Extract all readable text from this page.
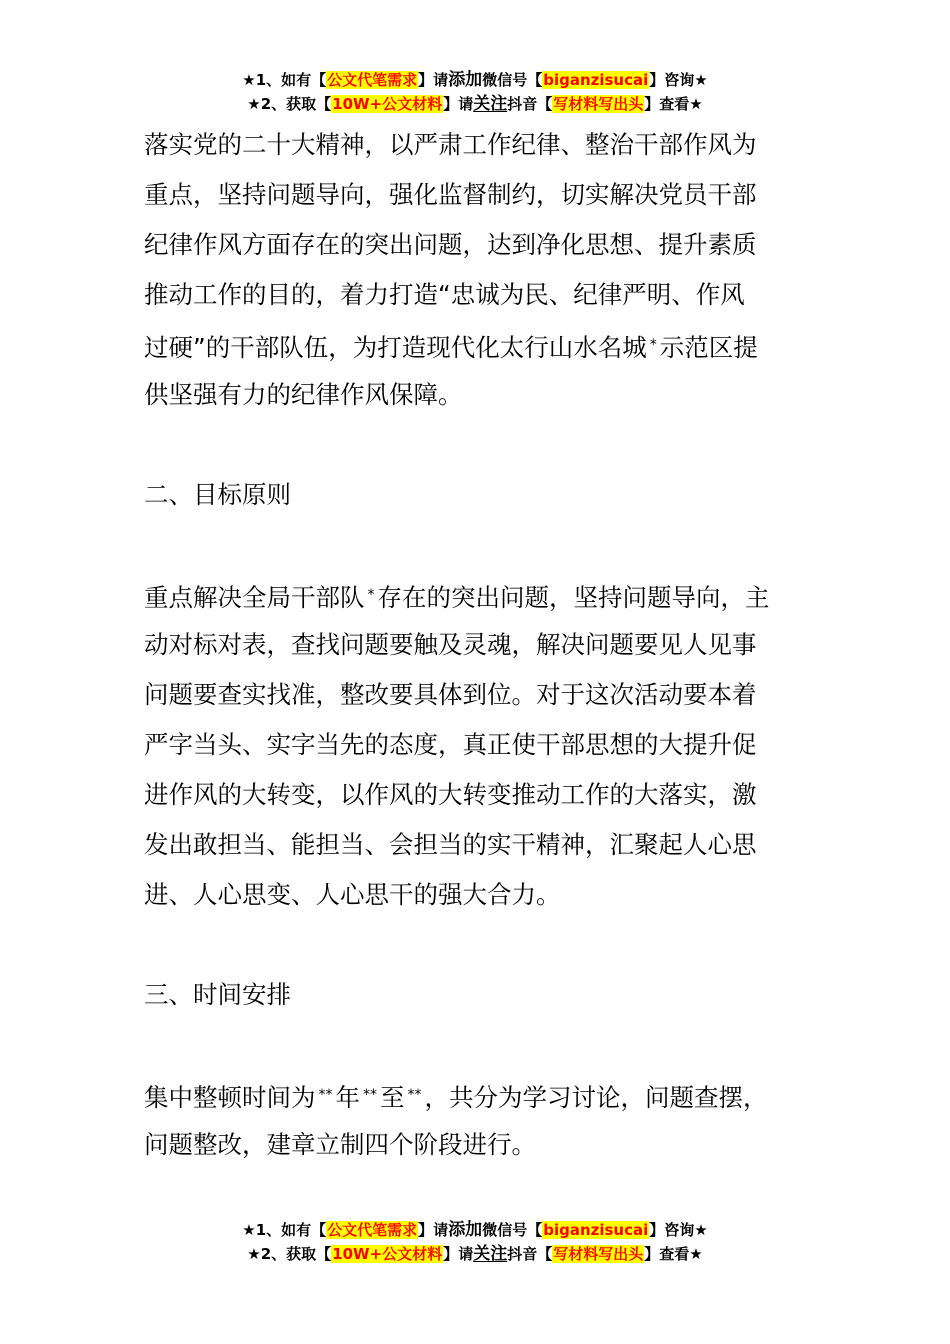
★1、如有【公文代笔需求】请添加微信号【biganzisucai】咨询★
★2、获取【10W+公文材料】请关注抖音【写材料写出头】查看★
落实党的二十大精神，以严肃工作纪律、整治干部作风为
重点，坚持问题导向，强化监督制约，切实解决党员干部
纪律作风方面存在的突出问题，达到净化思想、提升素质
推动工作的目的，着力打造“忠诚为民、纪律严明、作风
过硬”的干部队伍，为打造现代化太行山水名城 * 示范区提
供坚强有力的纪律作风保障。
二、目标原则
重点解决全局干部队 * 存在的突出问题，坚持问题导向，主
动对标对表，查找问题要触及灵魂，解决问题要见人见事
问题要查实找准，整改要具体到位。对于这次活动要本着
严字当头、实字当先的态度，真正使干部思想的大提升促
进作风的大转变，以作风的大转变推动工作的大落实，激
发出敢担当、能担当、会担当的实干精神，汇聚起人心思
进、人心思变、人心思干的强大合力。
三、时间安排
集中整顿时间为 ** 年 ** 至 ** ，共分为学习讨论，问题查摆，
问题整改，建章立制四个阶段进行。
★1、如有【公文代笔需求】请添加微信号【biganzisucai】咨询★
★2、获取【10W+公文材料】请关注抖音【写材料写出头】查看★
